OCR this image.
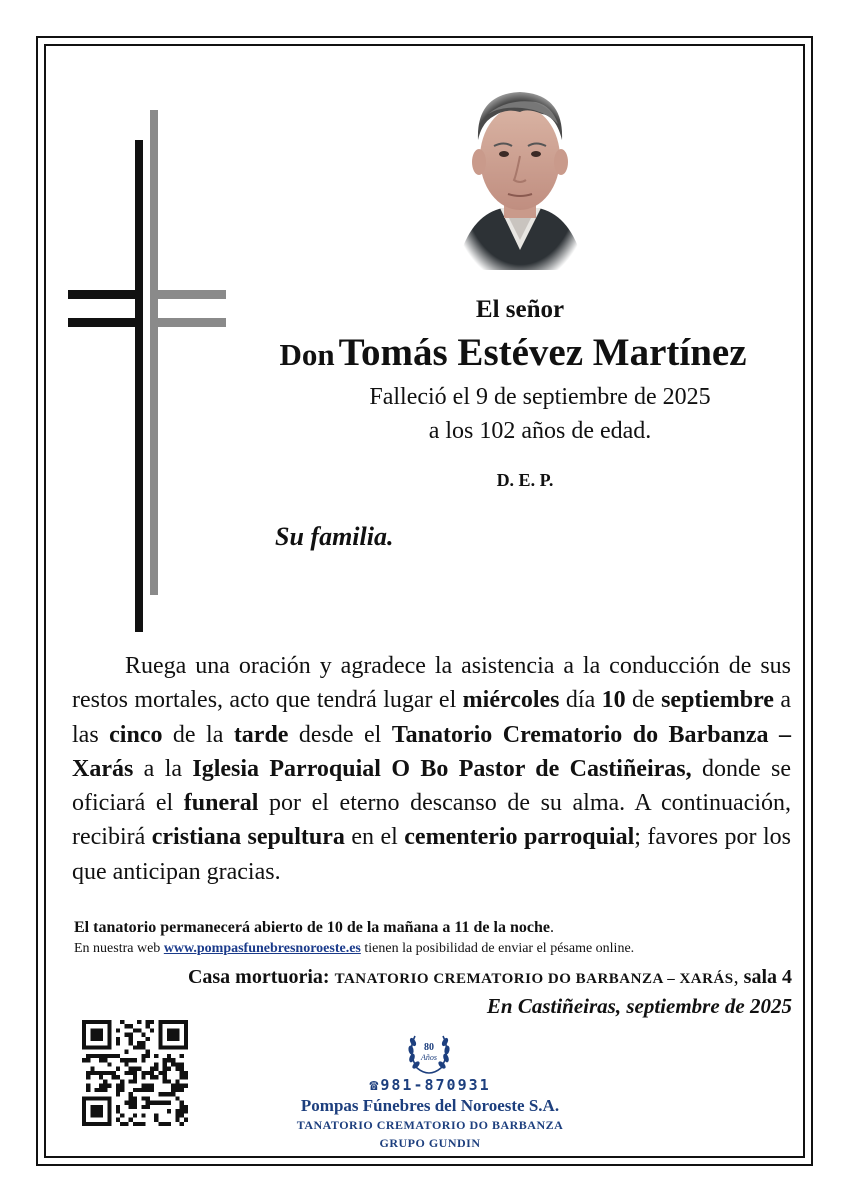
El señor
Don Tomás Estévez Martínez
Falleció el 9 de septiembre de 2025
a los 102 años de edad.
D. E. P.
Su familia.
Ruega una oración y agradece la asistencia a la conducción de sus restos mortales, acto que tendrá lugar el miércoles día 10 de septiembre a las cinco de la tarde desde el Tanatorio Crematorio do Barbanza – Xarás a la Iglesia Parroquial O Bo Pastor de Castiñeiras, donde se oficiará el funeral por el eterno descanso de su alma. A continuación, recibirá cristiana sepultura en el cementerio parroquial; favores por los que anticipan gracias.
El tanatorio permanecerá abierto de 10 de la mañana a 11 de la noche.
En nuestra web www.pompasfunebresnoroeste.es tienen la posibilidad de enviar el pésame online.
Casa mortuoria: TANATORIO CREMATORIO DO BARBANZA – XARÁS, sala 4
En Castiñeiras, septiembre de 2025
80
Años
☎981-870931
Pompas Fúnebres del Noroeste S.A.
TANATORIO CREMATORIO DO BARBANZA
GRUPO GUNDIN
